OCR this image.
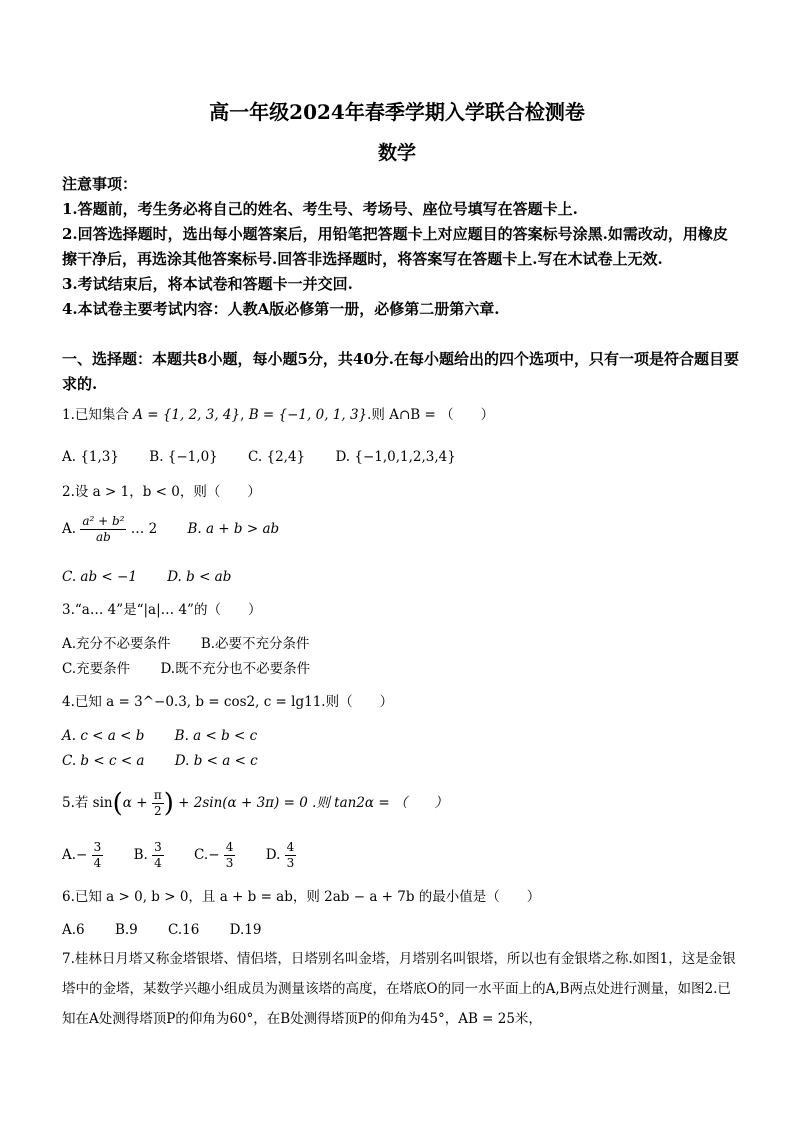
高一年级2024年春季学期入学联合检测卷
数学

注意事项：

1.答题前，考生务必将自己的姓名、考生号、考场号、座位号填写在答题卡上.

2.回答选择题时，选出每小题答案后，用铅笔把答题卡上对应题目的答案标号涂黑.如需改动，用橡皮擦干净后，再选涂其他答案标号.回答非选择题时，将答案写在答题卡上.写在木试卷上无效.

3.考试结束后，将本试卷和答题卡一并交回.

4.本试卷主要考试内容：人教A版必修第一册，必修第二册第六章.

一、选择题：本题共8小题，每小题5分，共40分.在每小题给出的四个选项中，只有一项是符合题目要求的.
1.已知集合 A = {1, 2, 3, 4}, B = {−1, 0, 1, 3}.则 A∩B = （　　）
A. {1,3} B. {−1,0} C. {2,4} D. {−1,0,1,2,3,4}
2.设 a > 1，b < 0，则（　　）
A. $\frac{\text{a² + b²}}{ab}$ … 2 B. a + b > ab
C. ab < −1 D. b < ab
3.“a… 4”是“|a|… 4”的（　　）
A.充分不必要条件 B.必要不充分条件
C.充要条件 D.既不充分也不必要条件
4.已知 a = 3^−0.3, b = cos2, c = lg11.则（　　）
A. c < a < b B. a < b < c
C. b < c < a D. b < a < c
5.若 $\sin(\alpha + \frac{\pi}{2}$ ) + 2sin(α + 3π) = 0 .则 tan2α = （　　）
$A.- \frac{3}{4} B$. $\frac{3}{4} C.- \frac{4}{3} D$. $\frac{4}{3}$
6.已知 a > 0, b > 0，且 a + b = ab，则 2ab − a + 7b 的最小值是（　　）
A.6 B.9 C.16 D.19
7.桂林日月塔又称金塔银塔、情侣塔，日塔别名叫金塔，月塔别名叫银塔，所以也有金银塔之称.如图1，这是金银塔中的金塔，某数学兴趣小组成员为测量该塔的高度，在塔底O的同一水平面上的A,B两点处进行测量，如图2.已知在A处测得塔顶P的仰角为60°，在B处测得塔顶P的仰角为45°，AB = 25米，
